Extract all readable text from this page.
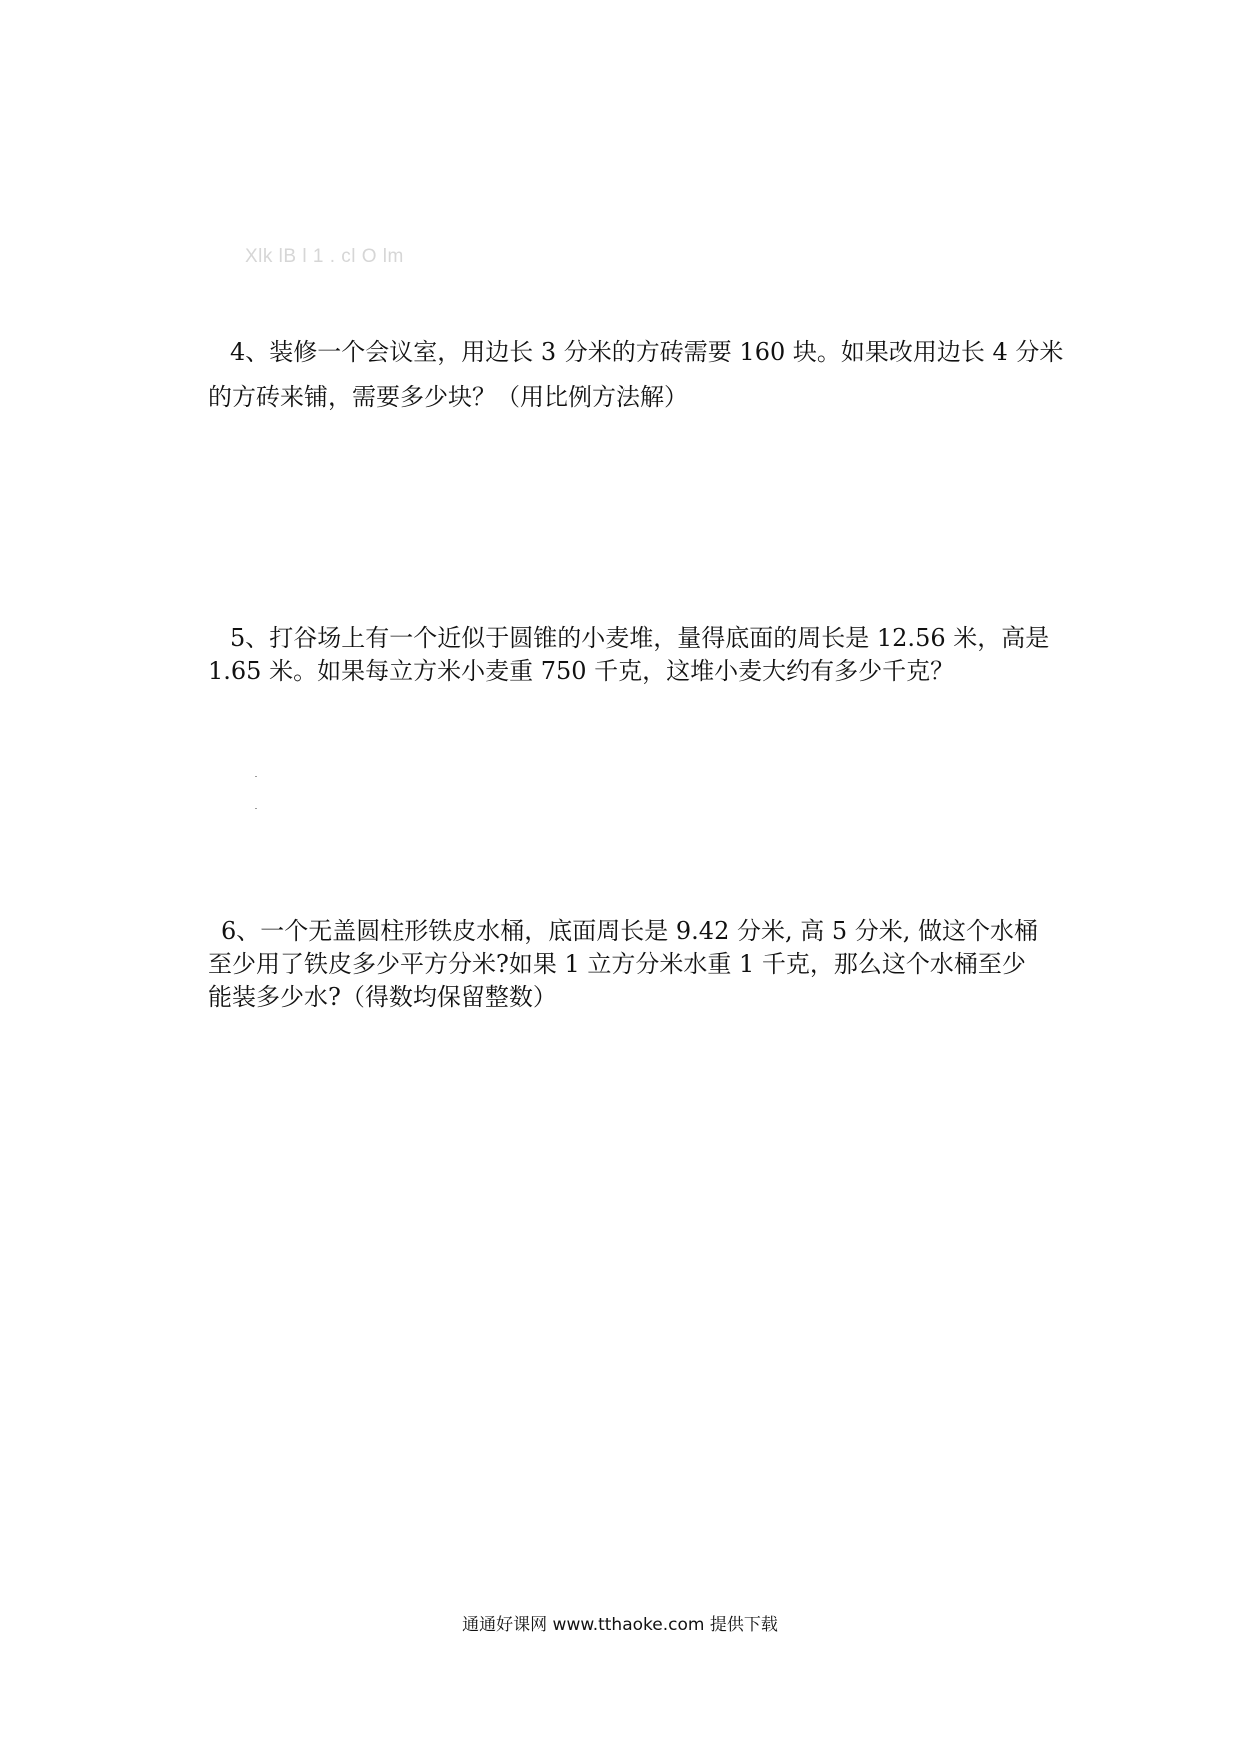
Xlk lB l 1 . cl O lm
4、装修一个会议室，用边长 3 分米的方砖需要 160 块。如果改用边长 4 分米
的方砖来铺，需要多少块？（用比例方法解）
5、打谷场上有一个近似于圆锥的小麦堆，量得底面的周长是 12.56 米，高是
1.65 米。如果每立方米小麦重 750 千克，这堆小麦大约有多少千克？
6、一个无盖圆柱形铁皮水桶，底面周长是 9.42 分米, 高 5 分米, 做这个水桶
至少用了铁皮多少平方分米?如果 1 立方分米水重 1 千克，那么这个水桶至少
能装多少水?（得数均保留整数）
通通好课网 www.tthaoke.com 提供下载
